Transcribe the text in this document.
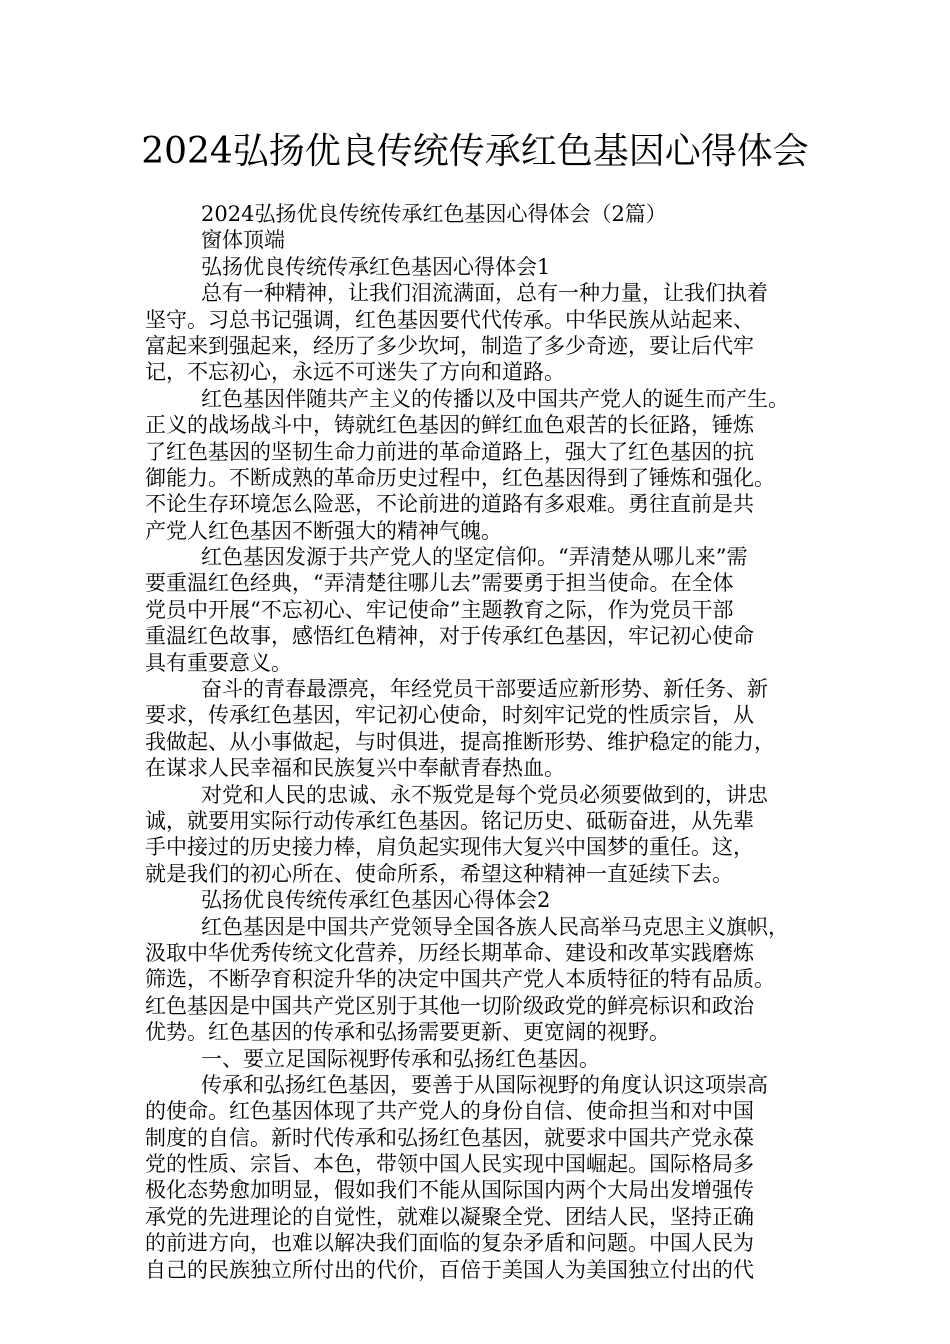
2024弘扬优良传统传承红色基因心得体会

2024弘扬优良传统传承红色基因心得体会（2篇）

窗体顶端

弘扬优良传统传承红色基因心得体会1

总有一种精神，让我们泪流满面，总有一种力量，让我们执着

坚守。习总书记强调，红色基因要代代传承。中华民族从站起来、

富起来到强起来，经历了多少坎坷，制造了多少奇迹，要让后代牢

记，不忘初心，永远不可迷失了方向和道路。

红色基因伴随共产主义的传播以及中国共产党人的诞生而产生。

正义的战场战斗中，铸就红色基因的鲜红血色艰苦的长征路，锤炼

了红色基因的坚韧生命力前进的革命道路上，强大了红色基因的抗

御能力。不断成熟的革命历史过程中，红色基因得到了锤炼和强化。

不论生存环境怎么险恶，不论前进的道路有多艰难。勇往直前是共

产党人红色基因不断强大的精神气魄。

红色基因发源于共产党人的坚定信仰。“弄清楚从哪儿来”需

要重温红色经典，“弄清楚往哪儿去”需要勇于担当使命。在全体

党员中开展“不忘初心、牢记使命”主题教育之际，作为党员干部

重温红色故事，感悟红色精神，对于传承红色基因，牢记初心使命

具有重要意义。

奋斗的青春最漂亮，年经党员干部要适应新形势、新任务、新

要求，传承红色基因，牢记初心使命，时刻牢记党的性质宗旨，从

我做起、从小事做起，与时俱进，提高推断形势、维护稳定的能力，

在谋求人民幸福和民族复兴中奉献青春热血。

对党和人民的忠诚、永不叛党是每个党员必须要做到的，讲忠

诚，就要用实际行动传承红色基因。铭记历史、砥砺奋进，从先辈

手中接过的历史接力棒，肩负起实现伟大复兴中国梦的重任。这，

就是我们的初心所在、使命所系，希望这种精神一直延续下去。

弘扬优良传统传承红色基因心得体会2

红色基因是中国共产党领导全国各族人民高举马克思主义旗帜，

汲取中华优秀传统文化营养，历经长期革命、建设和改革实践磨炼

筛选，不断孕育积淀升华的决定中国共产党人本质特征的特有品质。

红色基因是中国共产党区别于其他一切阶级政党的鲜亮标识和政治

优势。红色基因的传承和弘扬需要更新、更宽阔的视野。

一、要立足国际视野传承和弘扬红色基因。

传承和弘扬红色基因，要善于从国际视野的角度认识这项崇高

的使命。红色基因体现了共产党人的身份自信、使命担当和对中国

制度的自信。新时代传承和弘扬红色基因，就要求中国共产党永葆

党的性质、宗旨、本色，带领中国人民实现中国崛起。国际格局多

极化态势愈加明显，假如我们不能从国际国内两个大局出发增强传

承党的先进理论的自觉性，就难以凝聚全党、团结人民，坚持正确

的前进方向，也难以解决我们面临的复杂矛盾和问题。中国人民为

自己的民族独立所付出的代价，百倍于美国人为美国独立付出的代
